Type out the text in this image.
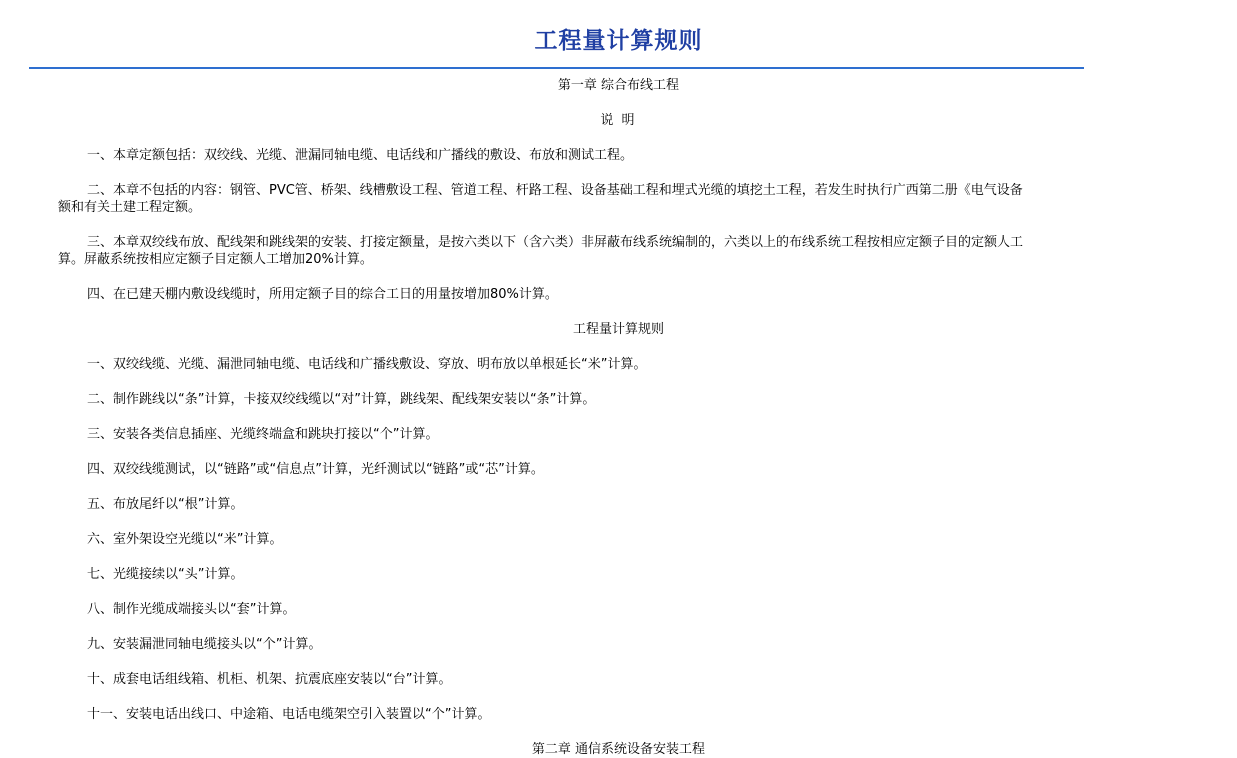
工程量计算规则

第一章 综合布线工程

说 明

一、本章定额包括：双绞线、光缆、泄漏同轴电缆、电话线和广播线的敷设、布放和测试工程。

二、本章不包括的内容：钢管、PVC管、桥架、线槽敷设工程、管道工程、杆路工程、设备基础工程和埋式光缆的填挖土工程，若发生时执行广西第二册《电气设备

额和有关土建工程定额。

三、本章双绞线布放、配线架和跳线架的安装、打接定额量，是按六类以下（含六类）非屏蔽布线系统编制的，六类以上的布线系统工程按相应定额子目的定额人工

算。屏蔽系统按相应定额子目定额人工增加20%计算。

四、在已建天棚内敷设线缆时，所用定额子目的综合工日的用量按增加80%计算。

工程量计算规则

一、双绞线缆、光缆、漏泄同轴电缆、电话线和广播线敷设、穿放、明布放以单根延长“米”计算。

二、制作跳线以“条”计算，卡接双绞线缆以“对”计算，跳线架、配线架安装以“条”计算。

三、安装各类信息插座、光缆终端盒和跳块打接以“个”计算。

四、双绞线缆测试，以“链路”或“信息点”计算，光纤测试以“链路”或“芯”计算。

五、布放尾纤以“根”计算。

六、室外架设空光缆以“米”计算。

七、光缆接续以“头”计算。

八、制作光缆成端接头以“套”计算。

九、安装漏泄同轴电缆接头以“个”计算。

十、成套电话组线箱、机柜、机架、抗震底座安装以“台”计算。

十一、安装电话出线口、中途箱、电话电缆架空引入装置以“个”计算。

第二章 通信系统设备安装工程
